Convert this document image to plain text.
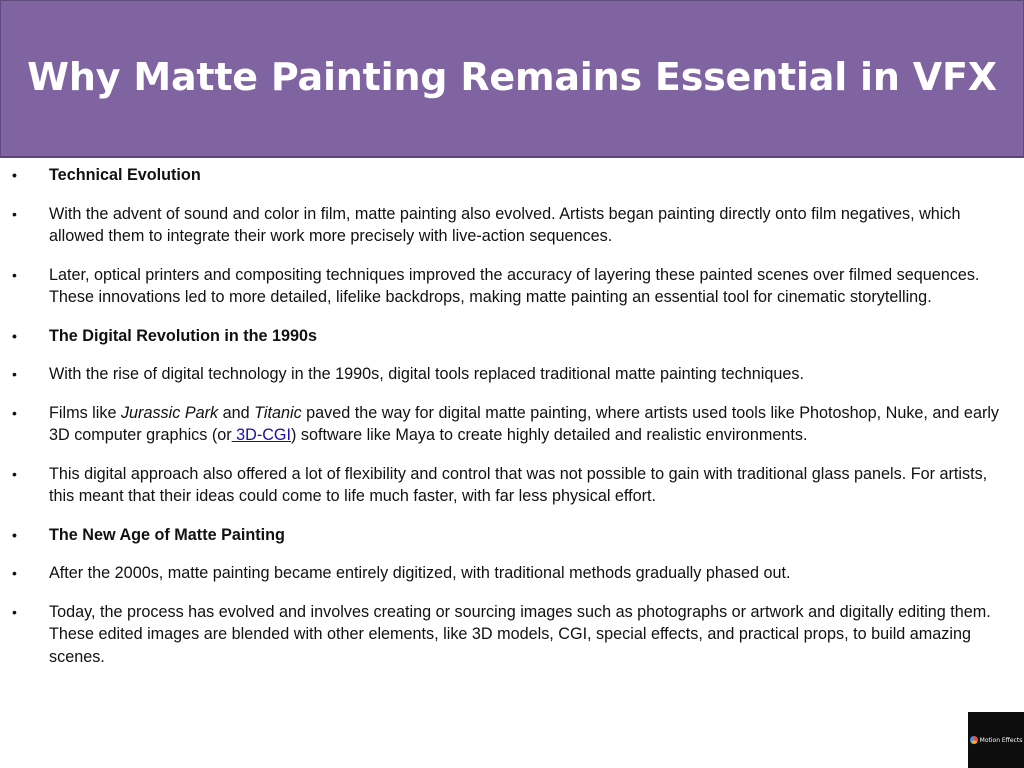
Why Matte Painting Remains Essential in VFX
• Technical Evolution
• With the advent of sound and color in film, matte painting also evolved. Artists began painting directly onto film negatives, which allowed them to integrate their work more precisely with live-action sequences.
• Later, optical printers and compositing techniques improved the accuracy of layering these painted scenes over filmed sequences. These innovations led to more detailed, lifelike backdrops, making matte painting an essential tool for cinematic storytelling.
• The Digital Revolution in the 1990s
• With the rise of digital technology in the 1990s, digital tools replaced traditional matte painting techniques.
• Films like Jurassic Park and Titanic paved the way for digital matte painting, where artists used tools like Photoshop, Nuke, and early 3D computer graphics (or 3D-CGI) software like Maya to create highly detailed and realistic environments.
• This digital approach also offered a lot of flexibility and control that was not possible to gain with traditional glass panels. For artists, this meant that their ideas could come to life much faster, with far less physical effort.
• The New Age of Matte Painting
• After the 2000s, matte painting became entirely digitized, with traditional methods gradually phased out.
• Today, the process has evolved and involves creating or sourcing images such as photographs or artwork and digitally editing them. These edited images are blended with other elements, like 3D models, CGI, special effects, and practical props, to build amazing scenes.
Motion Effects
